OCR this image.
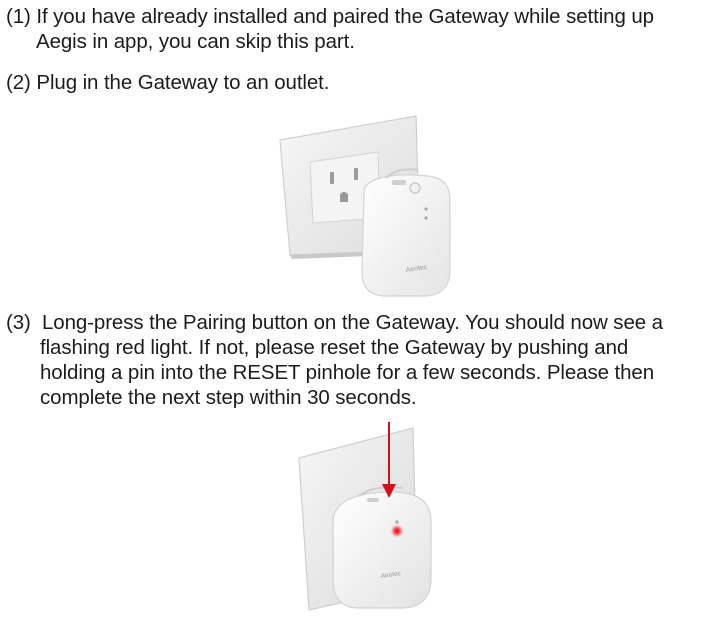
(1) If you have already installed and paired the Gateway while setting up
Aegis in app, you can skip this part.
(2) Plug in the Gateway to an outlet.
Aeotec
(3) Long-press the Pairing button on the Gateway. You should now see a
flashing red light. If not, please reset the Gateway by pushing and
holding a pin into the RESET pinhole for a few seconds. Please then
complete the next step within 30 seconds.
Aeotec
